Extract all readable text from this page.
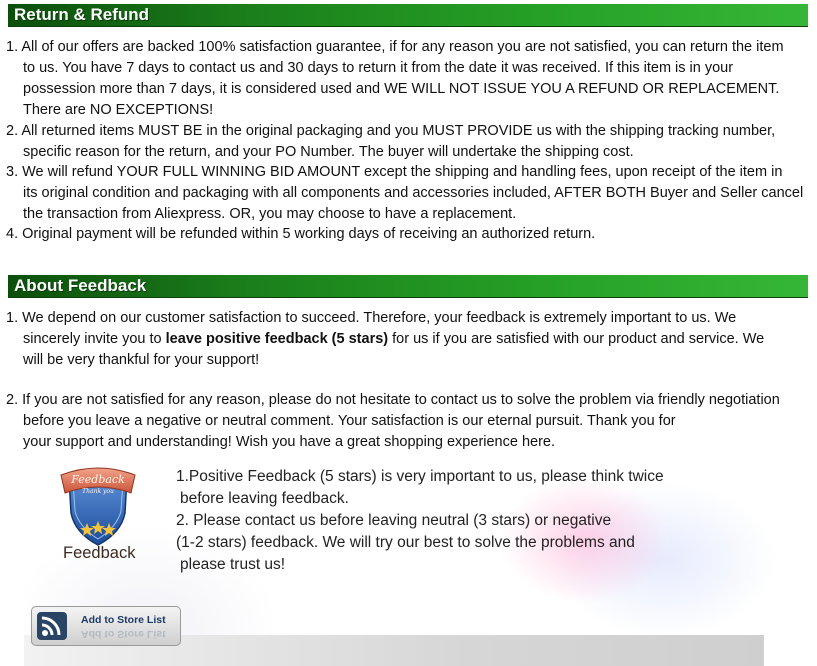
Return & Refund
1. All of our offers are backed 100% satisfaction guarantee, if for any reason you are not satisfied, you can return the item
to us. You have 7 days to contact us and 30 days to return it from the date it was received. If this item is in your
possession more than 7 days, it is considered used and WE WILL NOT ISSUE YOU A REFUND OR REPLACEMENT.
There are NO EXCEPTIONS!
2. All returned items MUST BE in the original packaging and you MUST PROVIDE us with the shipping tracking number,
specific reason for the return, and your PO Number. The buyer will undertake the shipping cost.
3. We will refund YOUR FULL WINNING BID AMOUNT except the shipping and handling fees, upon receipt of the item in
its original condition and packaging with all components and accessories included, AFTER BOTH Buyer and Seller cancel
the transaction from Aliexpress. OR, you may choose to have a replacement.
4. Original payment will be refunded within 5 working days of receiving an authorized return.
About Feedback
1. We depend on our customer satisfaction to succeed. Therefore, your feedback is extremely important to us. We
sincerely invite you to leave positive feedback (5 stars) for us if you are satisfied with our product and service. We
will be very thankful for your support!
2. If you are not satisfied for any reason, please do not hesitate to contact us to solve the problem via friendly negotiation
before you leave a negative or neutral comment. Your satisfaction is our eternal pursuit. Thank you for
your support and understanding! Wish you have a great shopping experience here.
Feedback
Thank you
Feedback
1.Positive Feedback (5 stars) is very important to us, please think twice
before leaving feedback.
2. Please contact us before leaving neutral (3 stars) or negative
(1-2 stars) feedback. We will try our best to solve the problems and
please trust us!
Add to Store List
Add to Store List
